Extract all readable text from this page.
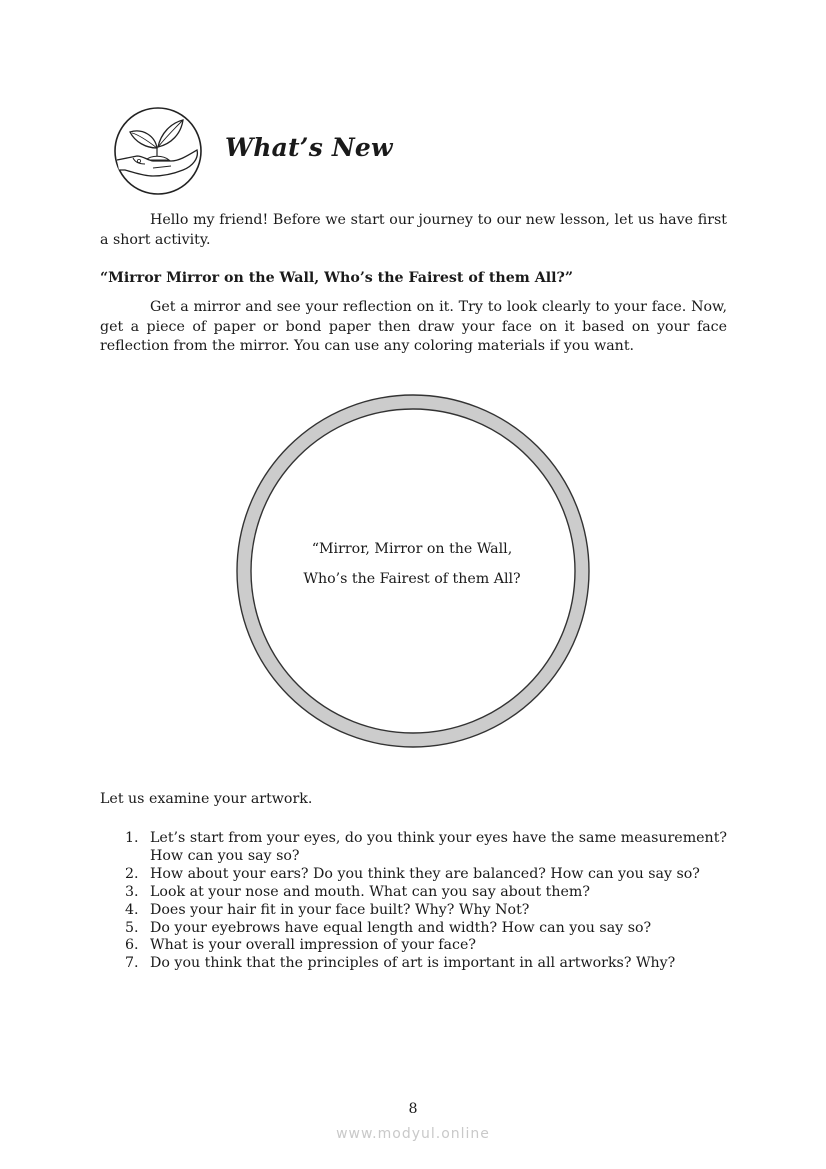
What’s New

Hello my friend! Before we start our journey to our new lesson, let us have first a short activity.

“Mirror Mirror on the Wall, Who’s the Fairest of them All?”

Get a mirror and see your reflection on it. Try to look clearly to your face. Now, get a piece of paper or bond paper then draw your face on it based on your face reflection from the mirror. You can use any coloring materials if you want.

“Mirror, Mirror on the Wall,

Who’s the Fairest of them All?

Let us examine your artwork.

1. Let’s start from your eyes, do you think your eyes have the same measurement? How can you say so?
2. How about your ears? Do you think they are balanced? How can you say so?
3. Look at your nose and mouth. What can you say about them?
4. Does your hair fit in your face built? Why? Why Not?
5. Do your eyebrows have equal length and width? How can you say so?
6. What is your overall impression of your face?
7. Do you think that the principles of art is important in all artworks? Why?

8

www.modyul.online
